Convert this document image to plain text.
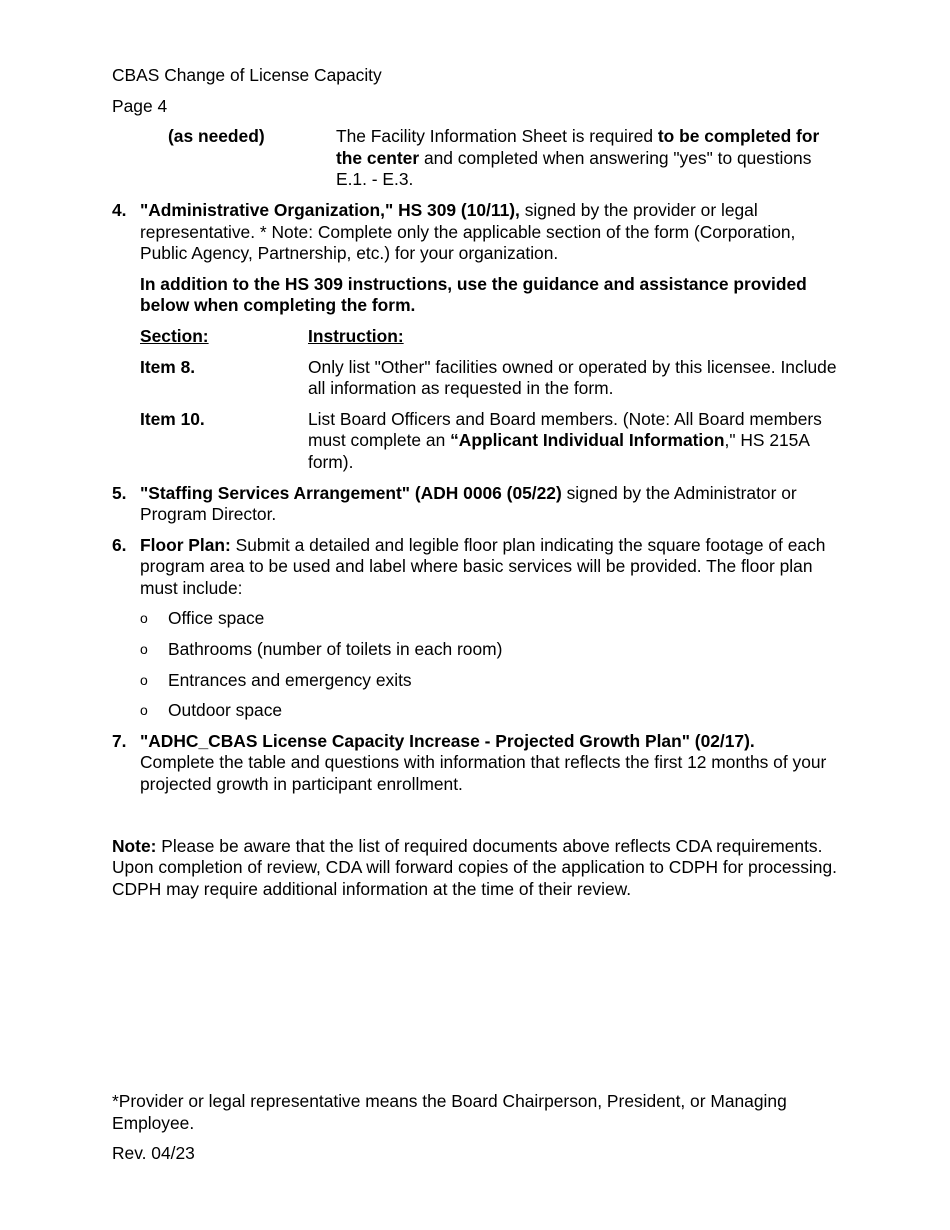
CBAS Change of License Capacity
Page 4
(as needed)	The Facility Information Sheet is required to be completed for the center and completed when answering "yes" to questions E.1. - E.3.
4. "Administrative Organization," HS 309 (10/11), signed by the provider or legal representative. * Note: Complete only the applicable section of the form (Corporation, Public Agency, Partnership, etc.) for your organization.
In addition to the HS 309 instructions, use the guidance and assistance provided below when completing the form.
Section:	Instruction:
Item 8.	Only list "Other" facilities owned or operated by this licensee. Include all information as requested in the form.
Item 10.	List Board Officers and Board members. (Note: All Board members must complete an “Applicant Individual Information," HS 215A form).
5. "Staffing Services Arrangement" (ADH 0006 (05/22) signed by the Administrator or Program Director.
6. Floor Plan: Submit a detailed and legible floor plan indicating the square footage of each program area to be used and label where basic services will be provided. The floor plan must include:
o	Office space
o	Bathrooms (number of toilets in each room)
o	Entrances and emergency exits
o	Outdoor space
7. "ADHC_CBAS License Capacity Increase - Projected Growth Plan" (02/17).
Complete the table and questions with information that reflects the first 12 months of your projected growth in participant enrollment.
Note: Please be aware that the list of required documents above reflects CDA requirements. Upon completion of review, CDA will forward copies of the application to CDPH for processing. CDPH may require additional information at the time of their review.

*Provider or legal representative means the Board Chairperson, President, or Managing Employee.

Rev. 04/23
